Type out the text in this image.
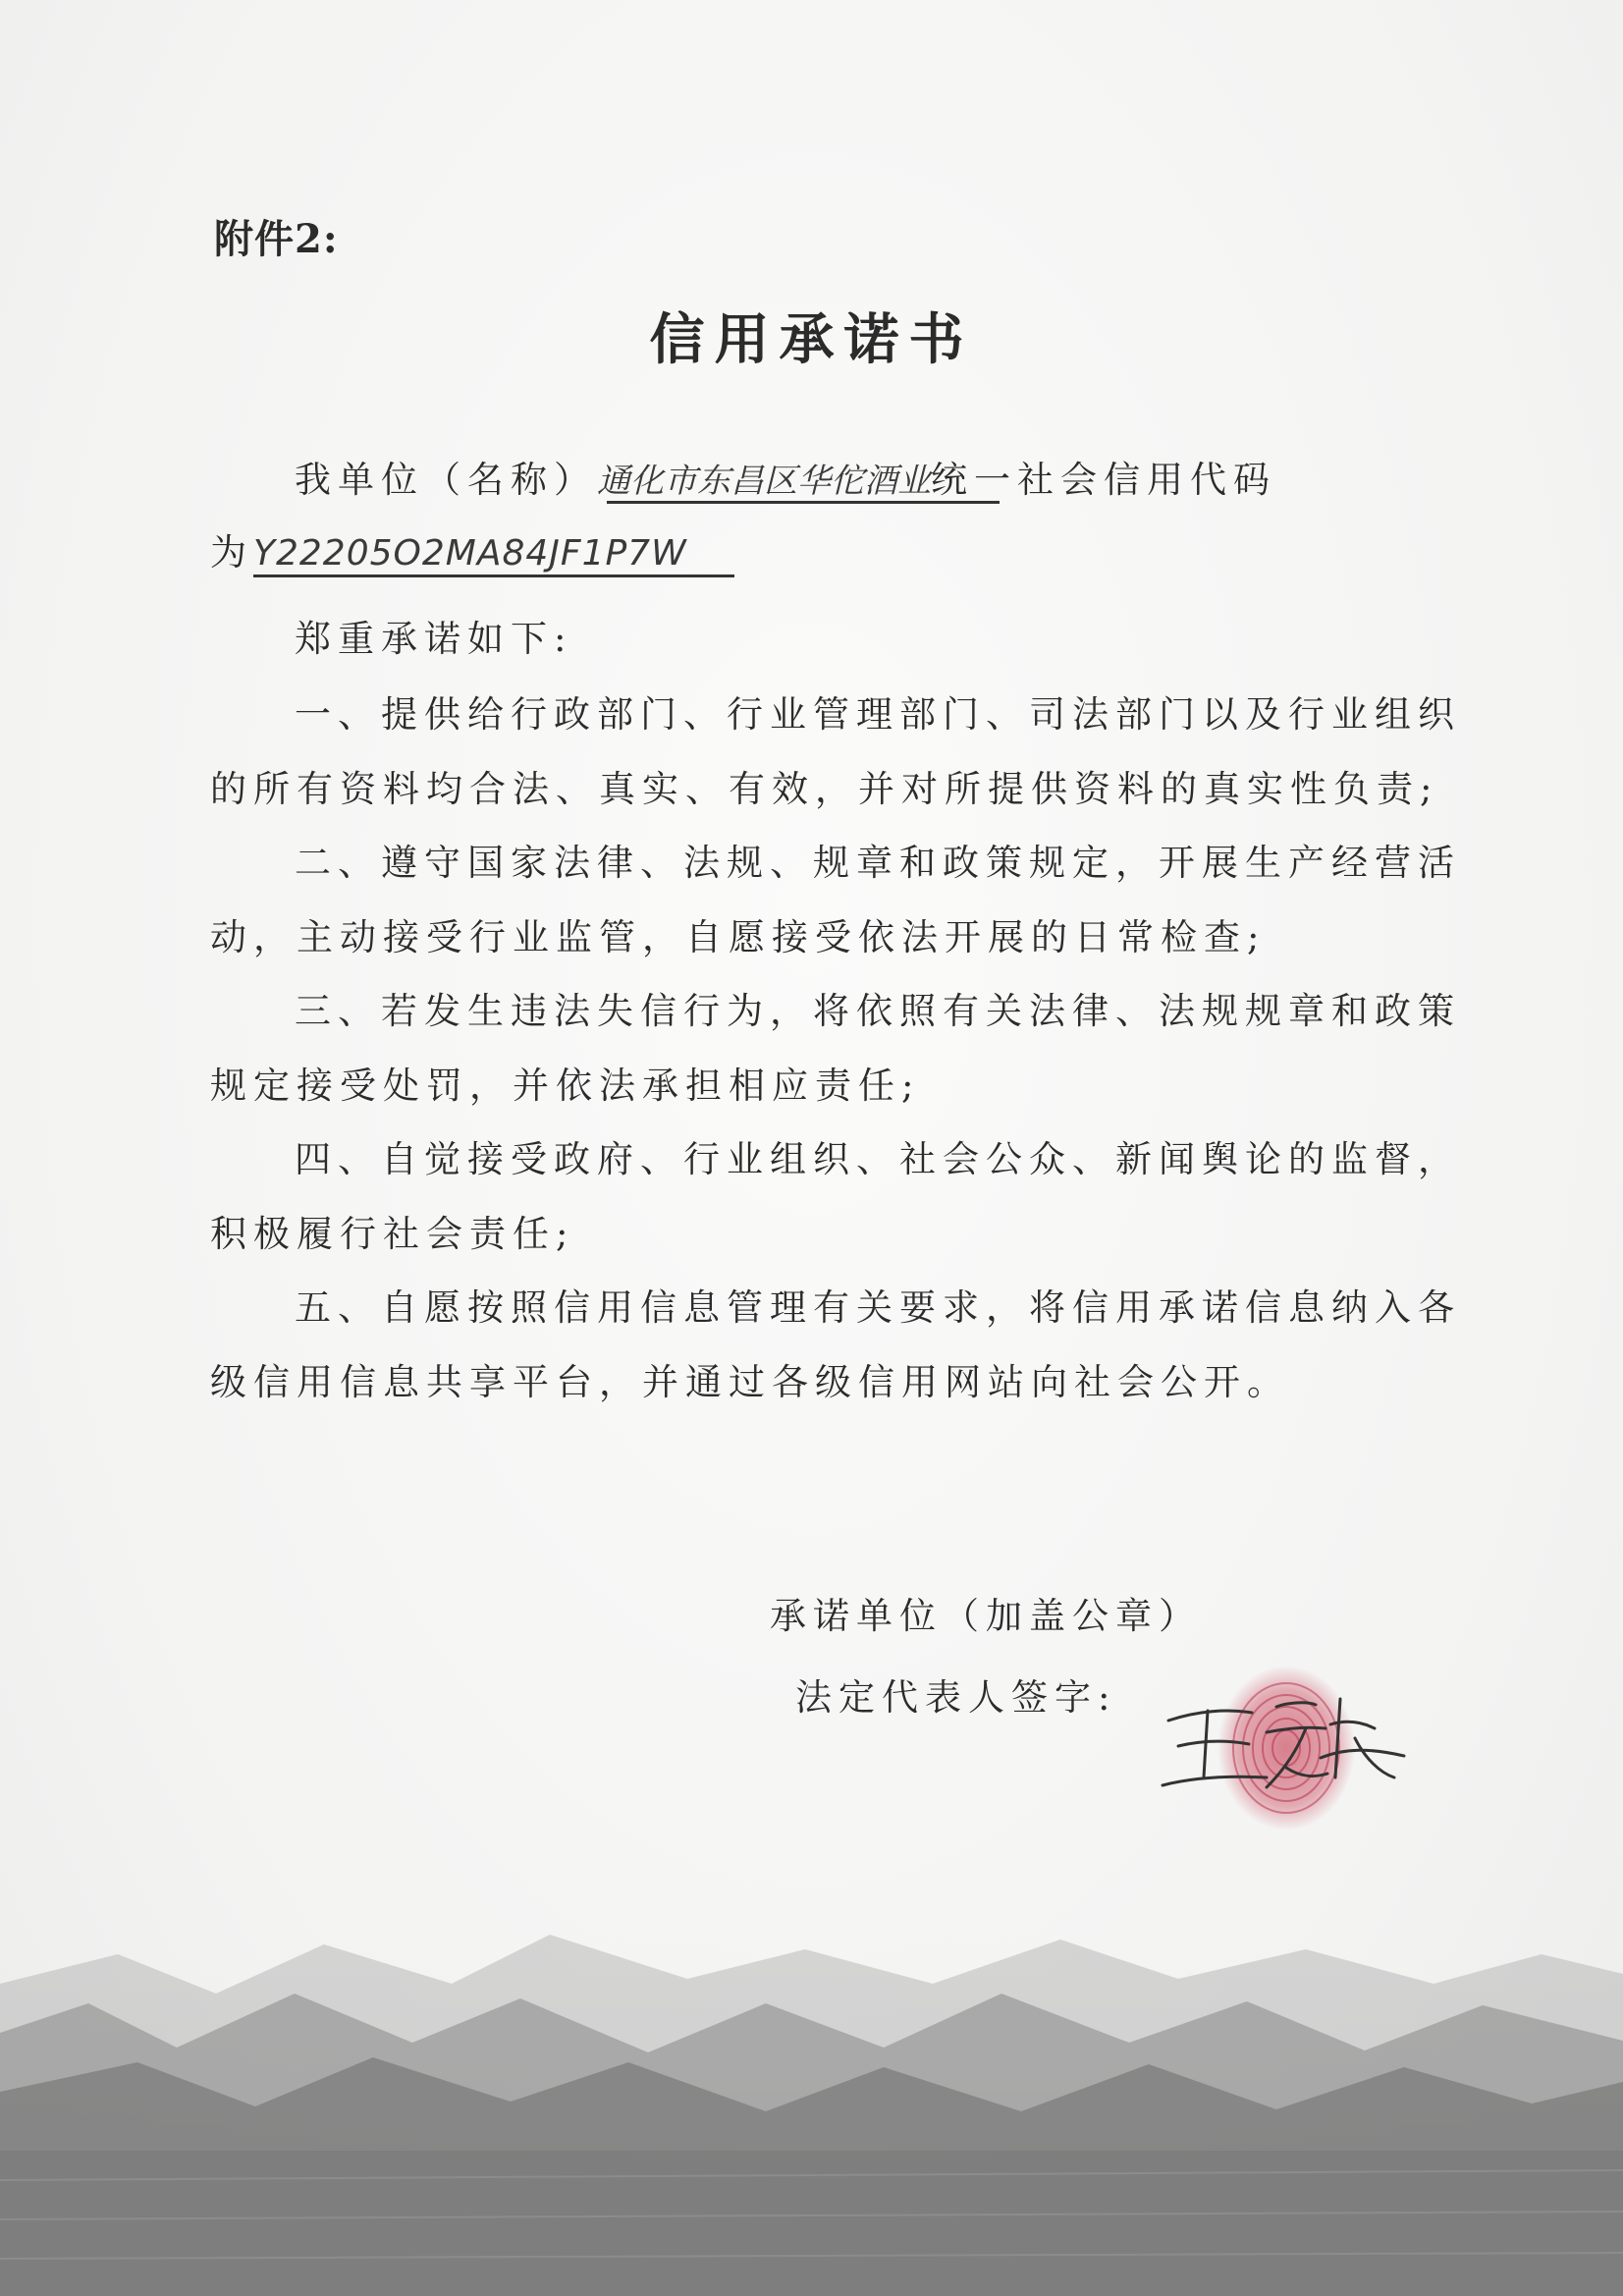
附件2:
信用承诺书
我单位（名称）通化市东昌区华佗酒业统一社会信用代码
为Y22205O2MA84JF1P7W
郑重承诺如下:
一、提供给行政部门、行业管理部门、司法部门以及行业组织
的所有资料均合法、真实、有效，并对所提供资料的真实性负责;
二、遵守国家法律、法规、规章和政策规定，开展生产经营活
动，主动接受行业监管，自愿接受依法开展的日常检查;
三、若发生违法失信行为，将依照有关法律、法规规章和政策
规定接受处罚，并依法承担相应责任;
四、自觉接受政府、行业组织、社会公众、新闻舆论的监督，
积极履行社会责任;
五、自愿按照信用信息管理有关要求，将信用承诺信息纳入各
级信用信息共享平台，并通过各级信用网站向社会公开。
承诺单位（加盖公章）
法定代表人签字:
